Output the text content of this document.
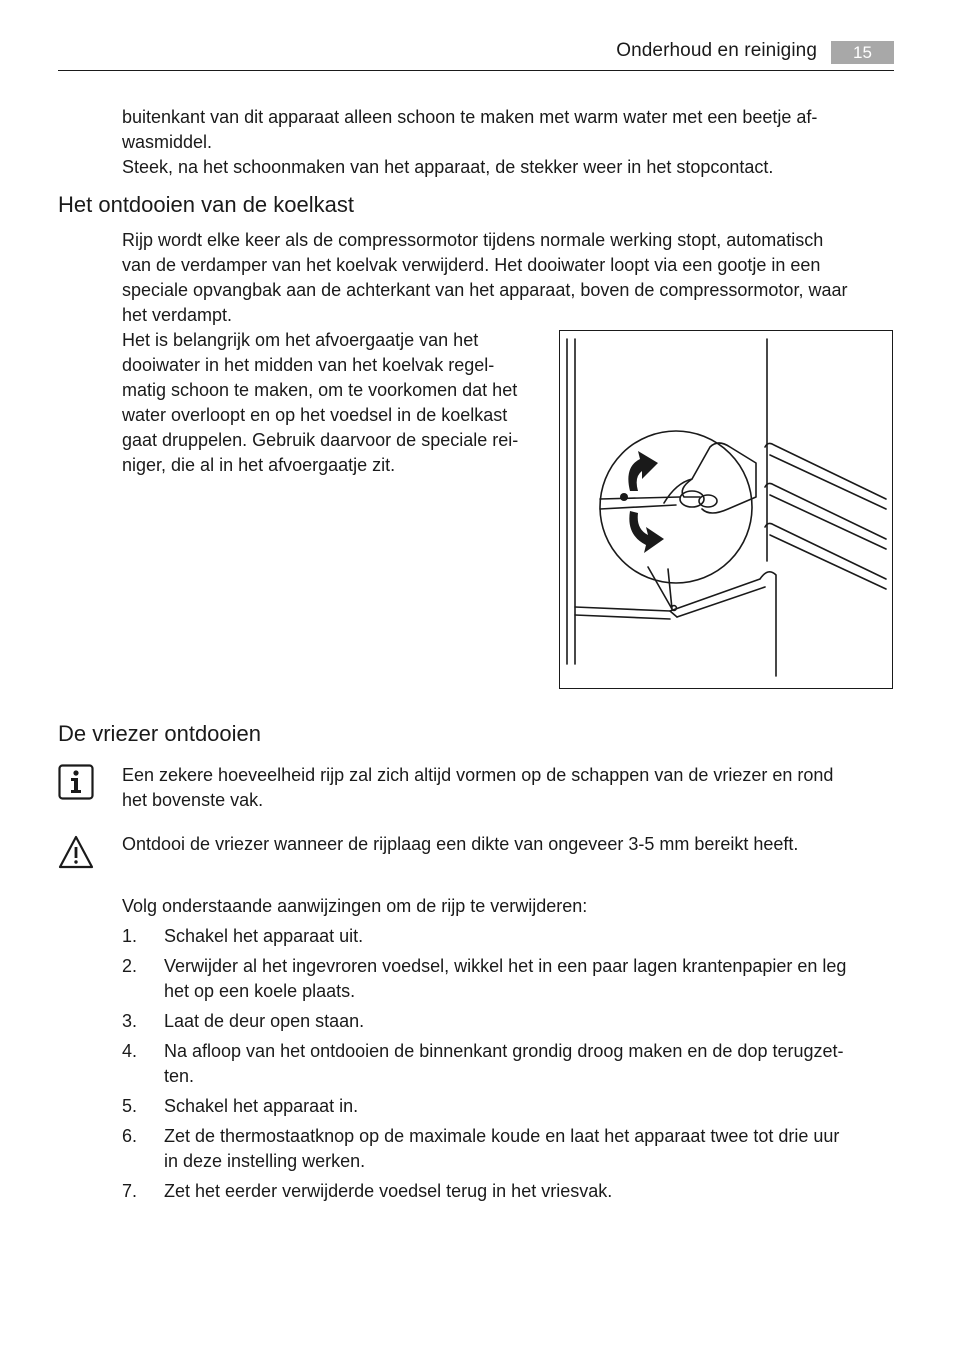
Onderhoud en reiniging	15
buitenkant van dit apparaat alleen schoon te maken met warm water met een beetje af-
wasmiddel.
Steek, na het schoonmaken van het apparaat, de stekker weer in het stopcontact.
Het ontdooien van de koelkast
Rijp wordt elke keer als de compressormotor tijdens normale werking stopt, automatisch
van de verdamper van het koelvak verwijderd. Het dooiwater loopt via een gootje in een
speciale opvangbak aan de achterkant van het apparaat, boven de compressormotor, waar
het verdampt.
Het is belangrijk om het afvoergaatje van het
dooiwater in het midden van het koelvak regel-
matig schoon te maken, om te voorkomen dat het
water overloopt en op het voedsel in de koelkast
gaat druppelen. Gebruik daarvoor de speciale rei-
niger, die al in het afvoergaatje zit.
De vriezer ontdooien
Een zekere hoeveelheid rijp zal zich altijd vormen op de schappen van de vriezer en rond
het bovenste vak.
Ontdooi de vriezer wanneer de rijplaag een dikte van ongeveer 3-5 mm bereikt heeft.
Volg onderstaande aanwijzingen om de rijp te verwijderen:
1. Schakel het apparaat uit.
2. Verwijder al het ingevroren voedsel, wikkel het in een paar lagen krantenpapier en leg
het op een koele plaats.
3. Laat de deur open staan.
4. Na afloop van het ontdooien de binnenkant grondig droog maken en de dop terugzet-
ten.
5. Schakel het apparaat in.
6. Zet de thermostaatknop op de maximale koude en laat het apparaat twee tot drie uur
in deze instelling werken.
7. Zet het eerder verwijderde voedsel terug in het vriesvak.
